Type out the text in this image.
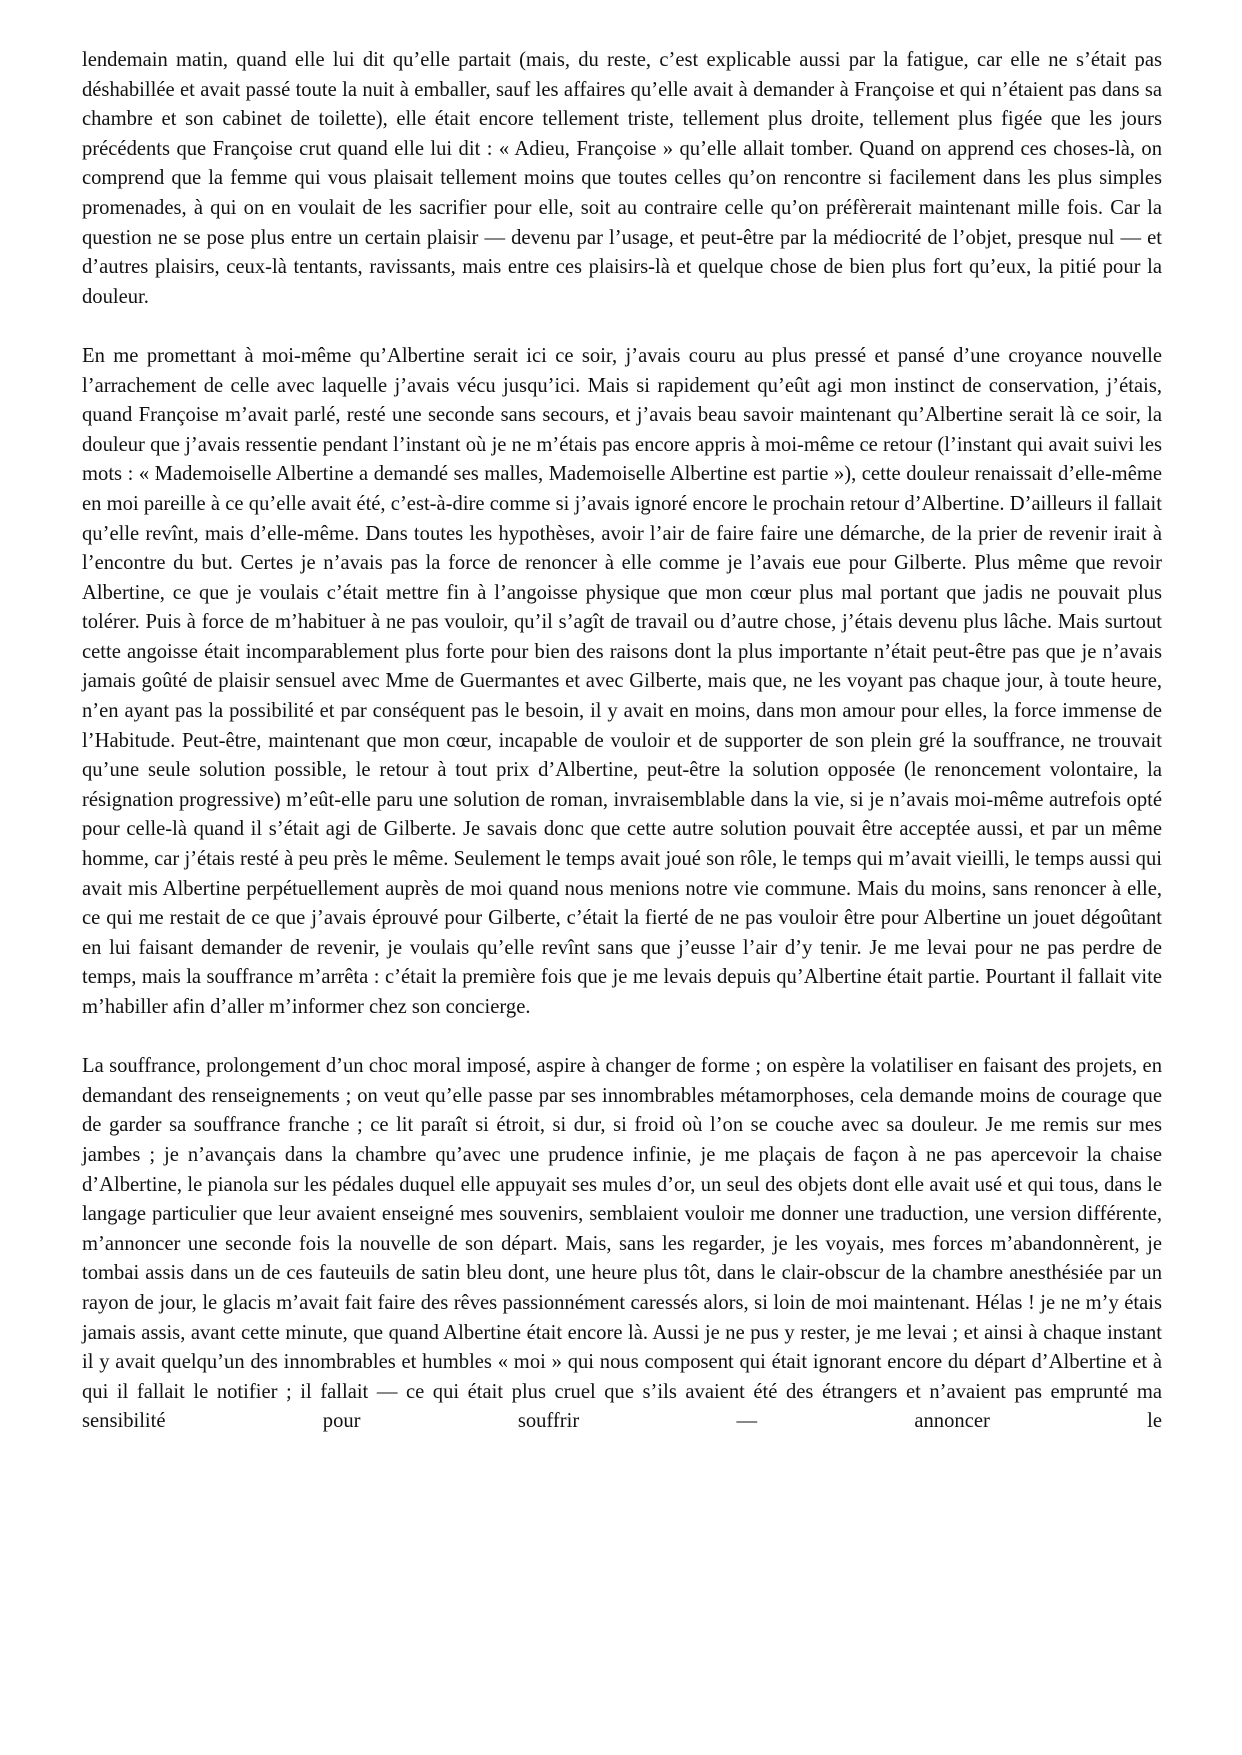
lendemain matin, quand elle lui dit qu’elle partait (mais, du reste, c’est explicable aussi par la fatigue, car elle ne s’était pas déshabillée et avait passé toute la nuit à emballer, sauf les affaires qu’elle avait à demander à Françoise et qui n’étaient pas dans sa chambre et son cabinet de toilette), elle était encore tellement triste, tellement plus droite, tellement plus figée que les jours précédents que Françoise crut quand elle lui dit : « Adieu, Françoise » qu’elle allait tomber. Quand on apprend ces choses-là, on comprend que la femme qui vous plaisait tellement moins que toutes celles qu’on rencontre si facilement dans les plus simples promenades, à qui on en voulait de les sacrifier pour elle, soit au contraire celle qu’on préfèrerait maintenant mille fois. Car la question ne se pose plus entre un certain plaisir — devenu par l’usage, et peut-être par la médiocrité de l’objet, presque nul — et d’autres plaisirs, ceux-là tentants, ravissants, mais entre ces plaisirs-là et quelque chose de bien plus fort qu’eux, la pitié pour la douleur.

En me promettant à moi-même qu’Albertine serait ici ce soir, j’avais couru au plus pressé et pansé d’une croyance nouvelle l’arrachement de celle avec laquelle j’avais vécu jusqu’ici. Mais si rapidement qu’eût agi mon instinct de conservation, j’étais, quand Françoise m’avait parlé, resté une seconde sans secours, et j’avais beau savoir maintenant qu’Albertine serait là ce soir, la douleur que j’avais ressentie pendant l’instant où je ne m’étais pas encore appris à moi-même ce retour (l’instant qui avait suivi les mots : « Mademoiselle Albertine a demandé ses malles, Mademoiselle Albertine est partie »), cette douleur renaissait d’elle-même en moi pareille à ce qu’elle avait été, c’est-à-dire comme si j’avais ignoré encore le prochain retour d’Albertine. D’ailleurs il fallait qu’elle revînt, mais d’elle-même. Dans toutes les hypothèses, avoir l’air de faire faire une démarche, de la prier de revenir irait à l’encontre du but. Certes je n’avais pas la force de renoncer à elle comme je l’avais eue pour Gilberte. Plus même que revoir Albertine, ce que je voulais c’était mettre fin à l’angoisse physique que mon cœur plus mal portant que jadis ne pouvait plus tolérer. Puis à force de m’habituer à ne pas vouloir, qu’il s’agît de travail ou d’autre chose, j’étais devenu plus lâche. Mais surtout cette angoisse était incomparablement plus forte pour bien des raisons dont la plus importante n’était peut-être pas que je n’avais jamais goûté de plaisir sensuel avec Mme de Guermantes et avec Gilberte, mais que, ne les voyant pas chaque jour, à toute heure, n’en ayant pas la possibilité et par conséquent pas le besoin, il y avait en moins, dans mon amour pour elles, la force immense de l’Habitude. Peut-être, maintenant que mon cœur, incapable de vouloir et de supporter de son plein gré la souffrance, ne trouvait qu’une seule solution possible, le retour à tout prix d’Albertine, peut-être la solution opposée (le renoncement volontaire, la résignation progressive) m’eût-elle paru une solution de roman, invraisemblable dans la vie, si je n’avais moi-même autrefois opté pour celle-là quand il s’était agi de Gilberte. Je savais donc que cette autre solution pouvait être acceptée aussi, et par un même homme, car j’étais resté à peu près le même. Seulement le temps avait joué son rôle, le temps qui m’avait vieilli, le temps aussi qui avait mis Albertine perpétuellement auprès de moi quand nous menions notre vie commune. Mais du moins, sans renoncer à elle, ce qui me restait de ce que j’avais éprouvé pour Gilberte, c’était la fierté de ne pas vouloir être pour Albertine un jouet dégoûtant en lui faisant demander de revenir, je voulais qu’elle revînt sans que j’eusse l’air d’y tenir. Je me levai pour ne pas perdre de temps, mais la souffrance m’arrêta : c’était la première fois que je me levais depuis qu’Albertine était partie. Pourtant il fallait vite m’habiller afin d’aller m’informer chez son concierge.

La souffrance, prolongement d’un choc moral imposé, aspire à changer de forme ; on espère la volatiliser en faisant des projets, en demandant des renseignements ; on veut qu’elle passe par ses innombrables métamorphoses, cela demande moins de courage que de garder sa souffrance franche ; ce lit paraît si étroit, si dur, si froid où l’on se couche avec sa douleur. Je me remis sur mes jambes ; je n’avançais dans la chambre qu’avec une prudence infinie, je me plaçais de façon à ne pas apercevoir la chaise d’Albertine, le pianola sur les pédales duquel elle appuyait ses mules d’or, un seul des objets dont elle avait usé et qui tous, dans le langage particulier que leur avaient enseigné mes souvenirs, semblaient vouloir me donner une traduction, une version différente, m’annoncer une seconde fois la nouvelle de son départ. Mais, sans les regarder, je les voyais, mes forces m’abandonnèrent, je tombai assis dans un de ces fauteuils de satin bleu dont, une heure plus tôt, dans le clair-obscur de la chambre anesthésiée par un rayon de jour, le glacis m’avait fait faire des rêves passionnément caressés alors, si loin de moi maintenant. Hélas ! je ne m’y étais jamais assis, avant cette minute, que quand Albertine était encore là. Aussi je ne pus y rester, je me levai ; et ainsi à chaque instant il y avait quelqu’un des innombrables et humbles « moi » qui nous composent qui était ignorant encore du départ d’Albertine et à qui il fallait le notifier ; il fallait — ce qui était plus cruel que s’ils avaient été des étrangers et n’avaient pas emprunté ma sensibilité pour souffrir — annoncer le
